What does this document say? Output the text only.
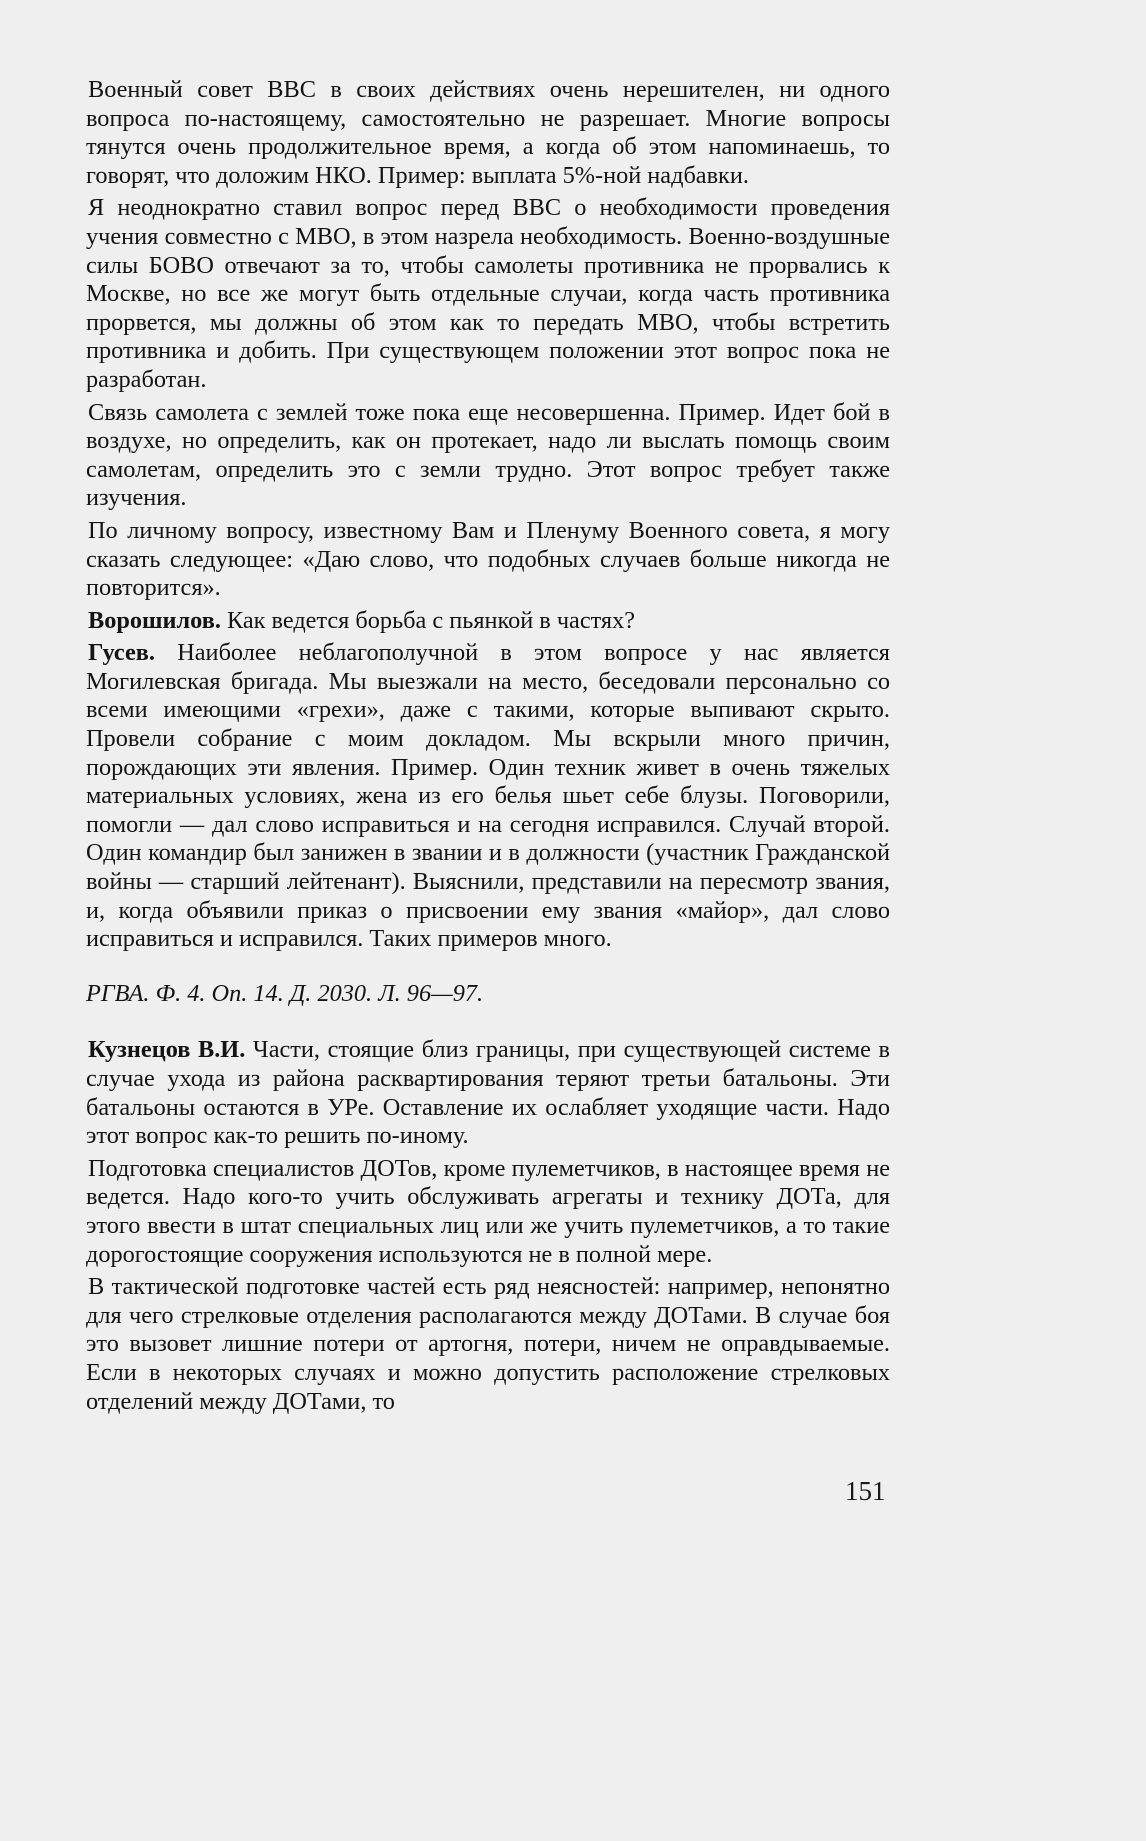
Военный совет ВВС в своих действиях очень нерешителен, ни одного вопроса по-настоящему, самостоятельно не разрешает. Многие вопросы тянутся очень продолжительное время, а когда об этом напоминаешь, то говорят, что доложим НКО. Пример: выплата 5%-ной надбавки.

Я неоднократно ставил вопрос перед ВВС о необходимости проведения учения совместно с МВО, в этом назрела необходимость. Военно-воздушные силы БОВО отвечают за то, чтобы самолеты противника не прорвались к Москве, но все же могут быть отдельные случаи, когда часть противника прорвется, мы должны об этом как то передать МВО, чтобы встретить противника и добить. При существующем положении этот вопрос пока не разработан.

Связь самолета с землей тоже пока еще несовершенна. Пример. Идет бой в воздухе, но определить, как он протекает, надо ли выслать помощь своим самолетам, определить это с земли трудно. Этот вопрос требует также изучения.

По личному вопросу, известному Вам и Пленуму Военного совета, я могу сказать следующее: «Даю слово, что подобных случаев больше никогда не повторится».

Ворошилов. Как ведется борьба с пьянкой в частях?

Гусев. Наиболее неблагополучной в этом вопросе у нас является Могилевская бригада. Мы выезжали на место, беседовали персонально со всеми имеющими «грехи», даже с такими, которые выпивают скрыто. Провели собрание с моим докладом. Мы вскрыли много причин, порождающих эти явления. Пример. Один техник живет в очень тяжелых материальных условиях, жена из его белья шьет себе блузы. Поговорили, помогли — дал слово исправиться и на сегодня исправился. Случай второй. Один командир был занижен в звании и в должности (участник Гражданской войны — старший лейтенант). Выяснили, представили на пересмотр звания, и, когда объявили приказ о присвоении ему звания «майор», дал слово исправиться и исправился. Таких примеров много.

РГВА. Ф. 4. Оп. 14. Д. 2030. Л. 96—97.

Кузнецов В.И. Части, стоящие близ границы, при существующей системе в случае ухода из района расквартирования теряют третьи батальоны. Эти батальоны остаются в УРе. Оставление их ослабляет уходящие части. Надо этот вопрос как-то решить по-иному.

Подготовка специалистов ДОТов, кроме пулеметчиков, в настоящее время не ведется. Надо кого-то учить обслуживать агрегаты и технику ДОТа, для этого ввести в штат специальных лиц или же учить пулеметчиков, а то такие дорогостоящие сооружения используются не в полной мере.

В тактической подготовке частей есть ряд неясностей: например, непонятно для чего стрелковые отделения располагаются между ДОТами. В случае боя это вызовет лишние потери от артогня, потери, ничем не оправдываемые. Если в некоторых случаях и можно допустить расположение стрелковых отделений между ДОТами, то

151
